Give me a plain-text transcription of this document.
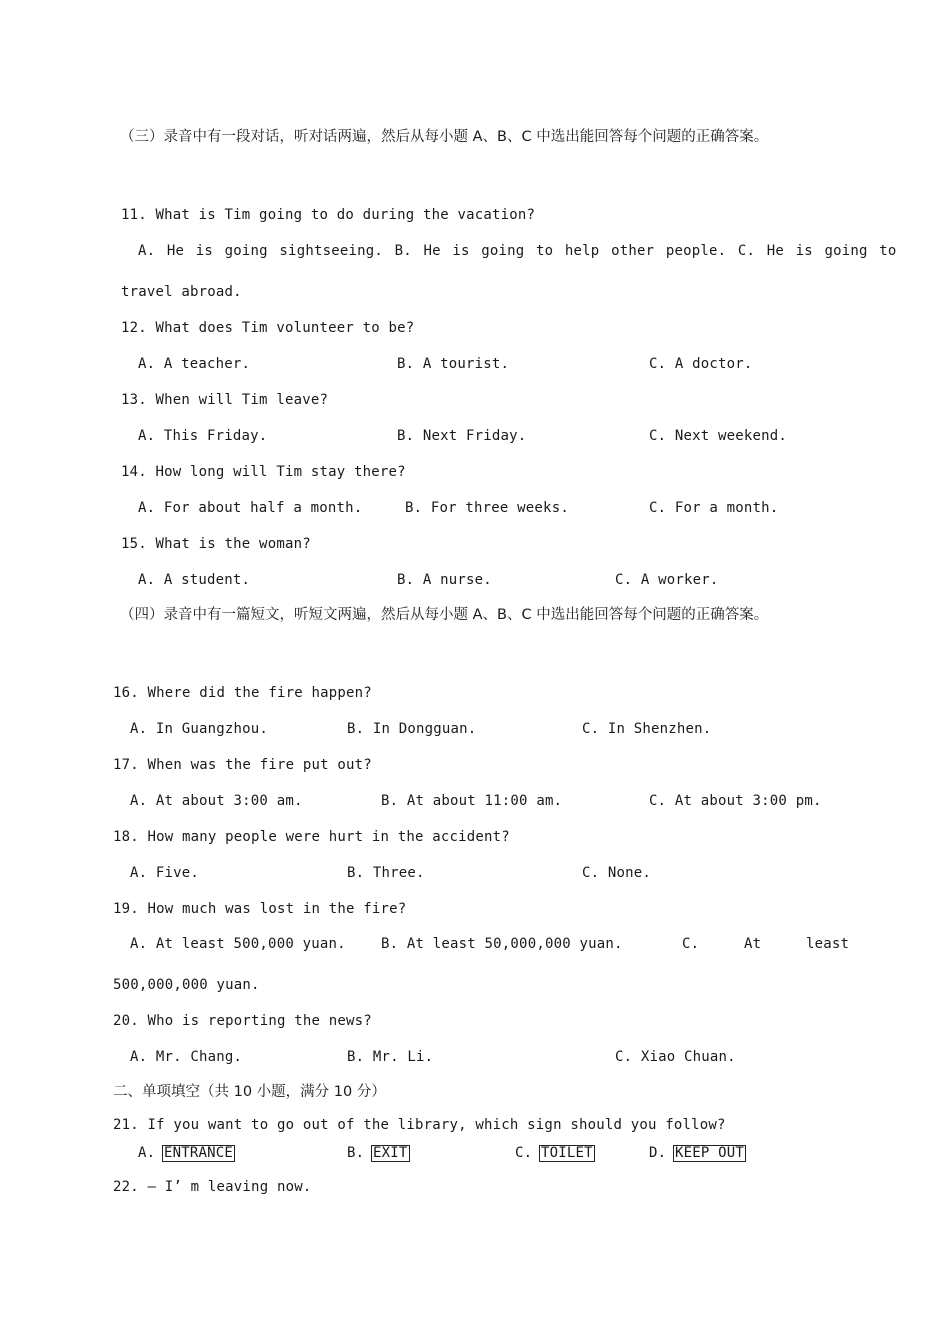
（三）录音中有一段对话，听对话两遍，然后从每小题 A、B、C 中选出能回答每个问题的正确答案。
11. What is Tim going to do during the vacation?
A. He is going sightseeing. B. He is going to help other people. C. He is going to
travel abroad.
12. What does Tim volunteer to be?
A. A teacher.	B. A tourist.	C. A doctor.
13. When will Tim leave?
A. This Friday.	B. Next Friday.	C. Next weekend.
14. How long will Tim stay there?
A. For about half a month.	B. For three weeks.	C. For a month.
15. What is the woman?
A. A student.	B. A nurse.	C. A worker.
（四）录音中有一篇短文，听短文两遍，然后从每小题 A、B、C 中选出能回答每个问题的正确答案。
16. Where did the fire happen?
A. In Guangzhou.	B. In Dongguan.	C. In Shenzhen.
17. When was the fire put out?
A. At about 3:00 am.	B. At about 11:00 am.	C. At about 3:00 pm.
18. How many people were hurt in the accident?
A. Five.	B. Three.	C. None.
19. How much was lost in the fire?
A. At least 500,000 yuan.	B. At least 50,000,000 yuan.	C.	At	least
500,000,000 yuan.
20. Who is reporting the news?
A. Mr. Chang.	B. Mr. Li.	C. Xiao Chuan.
二、单项填空（共 10 小题，满分 10 分）
21. If you want to go out of the library, which sign should you follow?
A. ENTRANCE	B. EXIT	C. TOILET	D. KEEP OUT
22. — I’ m leaving now.
